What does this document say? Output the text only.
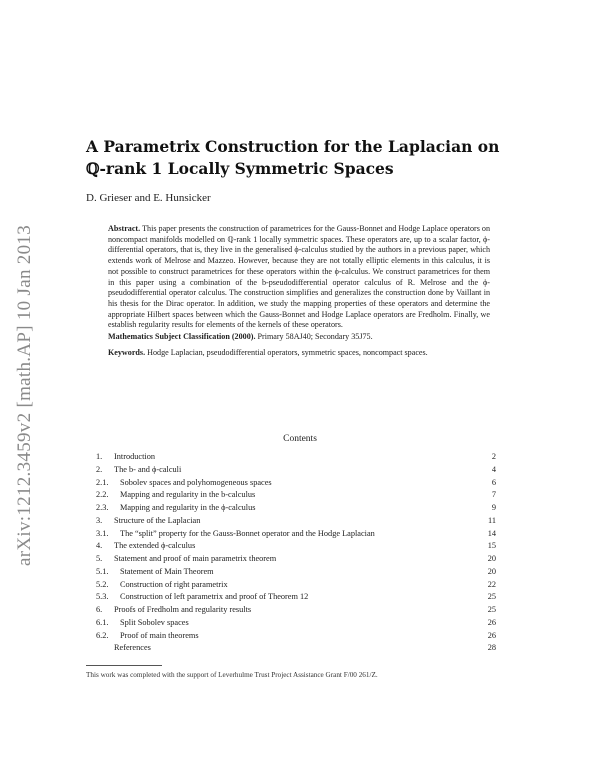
arXiv:1212.3459v2 [math.AP] 10 Jan 2013
A Parametrix Construction for the Laplacian on
ℚ-rank 1 Locally Symmetric Spaces
D. Grieser and E. Hunsicker
Abstract. This paper presents the construction of parametrices for the Gauss-Bonnet and Hodge Laplace operators on noncompact manifolds modelled on ℚ-rank 1 locally symmetric spaces. These operators are, up to a scalar factor, ϕ-differential operators, that is, they live in the generalised ϕ-calculus studied by the authors in a previous paper, which extends work of Melrose and Mazzeo. However, because they are not totally elliptic elements in this calculus, it is not possible to construct parametrices for these operators within the ϕ-calculus. We construct parametrices for them in this paper using a combination of the b-pseudodifferential operator calculus of R. Melrose and the ϕ-pseudodifferential operator calculus. The construction simplifies and generalizes the construction done by Vaillant in his thesis for the Dirac operator. In addition, we study the mapping properties of these operators and determine the appropriate Hilbert spaces between which the Gauss-Bonnet and Hodge Laplace operators are Fredholm. Finally, we establish regularity results for elements of the kernels of these operators.
Mathematics Subject Classification (2000). Primary 58AJ40; Secondary 35J75.
Keywords. Hodge Laplacian, pseudodifferential operators, symmetric spaces, noncompact spaces.
Contents
1. Introduction	2
2. The b- and ϕ-calculi	4
2.1. Sobolev spaces and polyhomogeneous spaces	6
2.2. Mapping and regularity in the b-calculus	7
2.3. Mapping and regularity in the ϕ-calculus	9
3. Structure of the Laplacian	11
3.1. The “split” property for the Gauss-Bonnet operator and the Hodge Laplacian	14
4. The extended ϕ-calculus	15
5. Statement and proof of main parametrix theorem	20
5.1. Statement of Main Theorem	20
5.2. Construction of right parametrix	22
5.3. Construction of left parametrix and proof of Theorem 12	25
6. Proofs of Fredholm and regularity results	25
6.1. Split Sobolev spaces	26
6.2. Proof of main theorems	26
References	28
This work was completed with the support of Leverhulme Trust Project Assistance Grant F/00 261/Z.
